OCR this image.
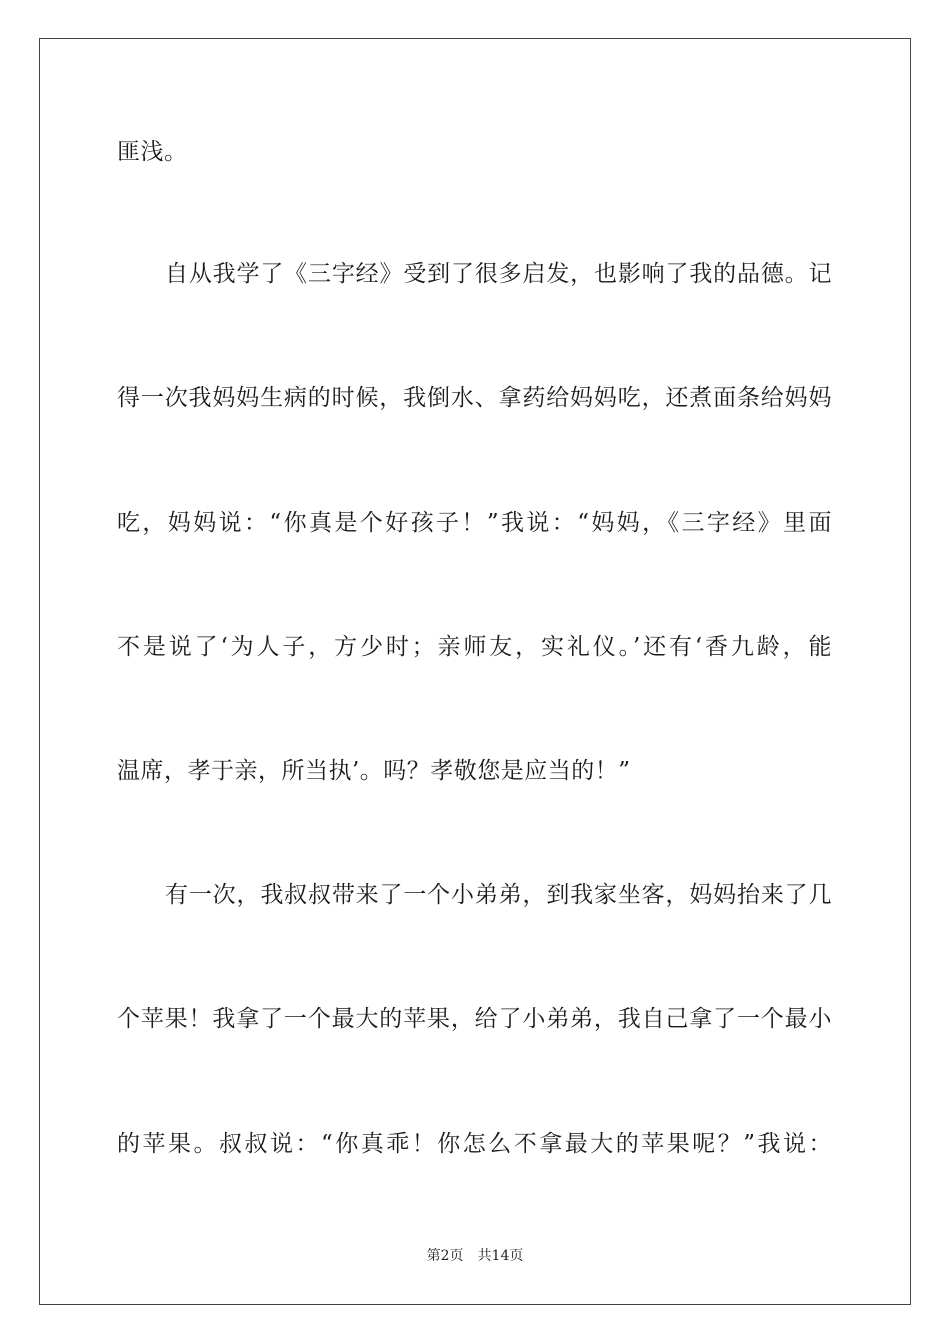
匪浅。
自从我学了《三字经》受到了很多启发，也影响了我的品德。记
得一次我妈妈生病的时候，我倒水、拿药给妈妈吃，还煮面条给妈妈
吃，妈妈说：“你真是个好孩子！”我说：“妈妈，《三字经》里面
不是说了‘为人子，方少时；亲师友，实礼仪。’还有‘香九龄，能
温席，孝于亲，所当执’。吗？孝敬您是应当的！”
有一次，我叔叔带来了一个小弟弟，到我家坐客，妈妈抬来了几
个苹果！我拿了一个最大的苹果，给了小弟弟，我自己拿了一个最小
的苹果。叔叔说：“你真乖！你怎么不拿最大的苹果呢？”我说：
第2页 共14页
